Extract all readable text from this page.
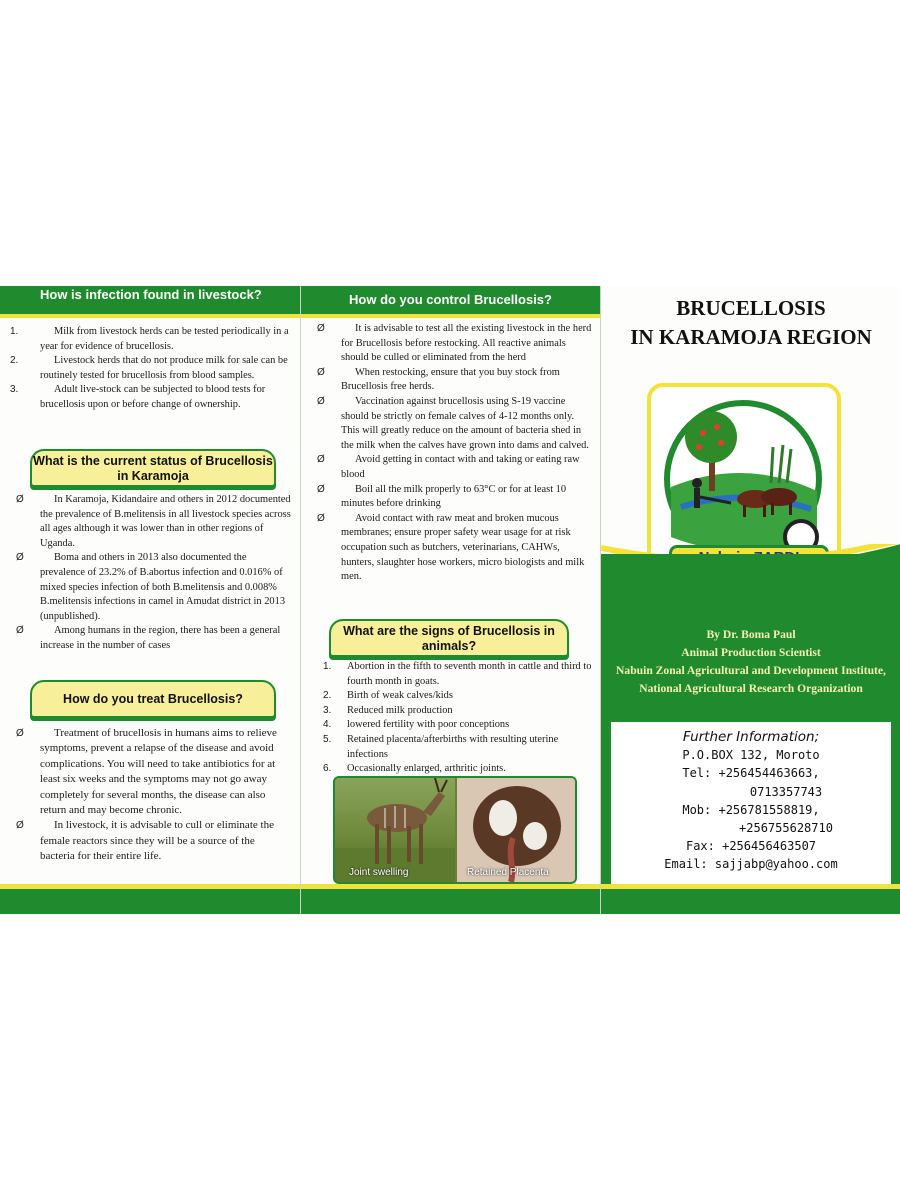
How is infection found in livestock?
1.	Milk from livestock herds can be tested periodically in a year for evidence of brucellosis.
2.	Livestock herds that do not produce milk for sale can be routinely tested for brucellosis from blood samples.
3.	Adult live-stock can be subjected to blood tests for brucellosis upon or before change of ownership.
What is the current status of Brucellosis in Karamoja
Ø	In Karamoja, Kidandaire and others in 2012 documented the prevalence of B.melitensis in all livestock species across all ages although it was lower than in other regions of Uganda.
Ø	Boma and others in 2013 also documented the prevalence of 23.2% of B.abortus infection and 0.016% of mixed species infection of both B.melitensis and 0.008% B.melitensis infections in camel in Amudat district in 2013 (unpublished).
Ø	Among humans in the region, there has been a general increase in the number of cases
How do you treat Brucellosis?
Ø	Treatment of brucellosis in humans aims to relieve symptoms, prevent a relapse of the disease and avoid complications. You will need to take antibiotics for at least six weeks and the symptoms may not go away completely for several months, the disease can also return and may become chronic.
Ø	In livestock, it is advisable to cull or eliminate the female reactors since they will be a source of the bacteria for their entire life.
How do you control Brucellosis?
Ø	It is advisable to test all the existing livestock in the herd for Brucellosis before restocking. All reactive animals should be culled or eliminated from the herd
Ø	When restocking, ensure that you buy stock from Brucellosis free herds.
Ø	Vaccination against brucellosis using S-19 vaccine should be strictly on female calves of 4-12 months only. This will greatly reduce on the amount of bacteria shed in the milk when the calves have grown into dams and calved.
Ø	Avoid getting in contact with and taking or eating raw blood
Ø	Boil all the milk properly to 63°C or for at least 10 minutes before drinking
Ø	Avoid contact with raw meat and broken mucous membranes; ensure proper safety wear usage for at risk occupation such as butchers, veterinarians, CAHWs, hunters, slaughter hose workers, micro biologists and milk men.
What are the signs of Brucellosis in animals?
1. Abortion in the fifth to seventh month in cattle and third to fourth month in goats.
2. Birth of weak calves/kids
3. Reduced milk production
4. lowered fertility with poor conceptions
5. Retained placenta/afterbirths with resulting uterine infections
6. Occasionally enlarged, arthritic joints.
Joint swelling	Retained Placenta
BRUCELLOSIS
IN KARAMOJA REGION
By Dr. Boma Paul
Animal Production Scientist
Nabuin Zonal Agricultural and Development Institute,
National Agricultural Research Organization
Further Information;
P.O.BOX 132, Moroto
Tel: +256454463663,
0713357743
Mob: +256781558819,
+256755628710
Fax: +256456463507
Email: sajjabp@yahoo.com
